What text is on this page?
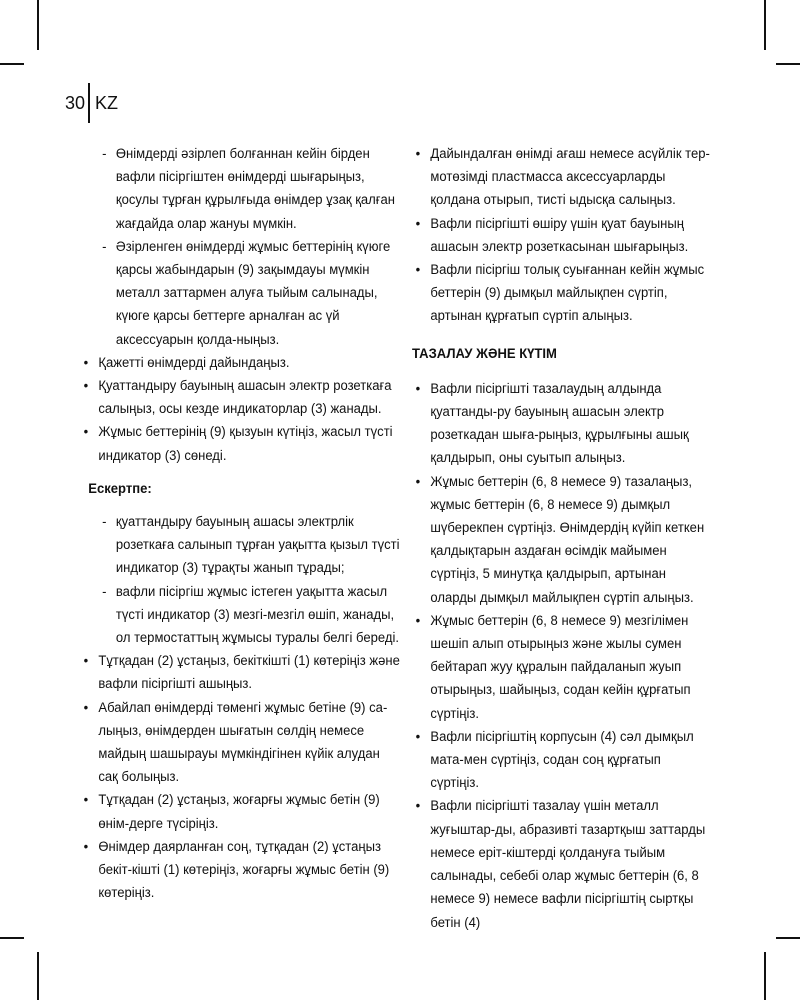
30 KZ
- Өнімдерді әзірлеп болғаннан кейін бірден вафли пісіргіштен өнімдерді шығарыңыз, қосулы тұрған құрылғыда өнімдер ұзақ қалған жағдайда олар жануы мүмкін.
- Әзірленген өнімдерді жұмыс беттерінің күюге қарсы жабындарын (9) зақымдауы мүмкін металл заттармен алуға тыйым салынады, күюге қарсы беттерге арналған ас үй аксессуарын қолда-ныңыз.
• Қажетті өнімдерді дайындаңыз.
• Қуаттандыру бауының ашасын электр розеткаға салыңыз, осы кезде индикаторлар (3) жанады.
• Жұмыс беттерінің (9) қызуын күтіңіз, жасыл түсті индикатор (3) сөнеді.
Ескертпе:
- қуаттандыру бауының ашасы электрлік розеткаға салынып тұрған уақытта қызыл түсті индикатор (3) тұрақты жанып тұрады;
- вафли пісіргіш жұмыс істеген уақытта жасыл түсті индикатор (3) мезгі-мезгіл өшіп, жанады, ол термостаттың жұмысы туралы белгі береді.
• Тұтқадан (2) ұстаңыз, бекіткішті (1) көтеріңіз және вафли пісіргішті ашыңыз.
• Абайлап өнімдерді төменгі жұмыс бетіне (9) са-лыңыз, өнімдерден шығатын сөлдің немесе майдың шашырауы мүмкіндігінен күйік алудан сақ болыңыз.
• Тұтқадан (2) ұстаңыз, жоғарғы жұмыс бетін (9) өнім-дерге түсіріңіз.
• Өнімдер даярланған соң, тұтқадан (2) ұстаңыз бекіт-кішті (1) көтеріңіз, жоғарғы жұмыс бетін (9) көтеріңіз.
• Дайындалған өнімді ағаш немесе асүйлік тер-мотөзімді пластмасса аксессуарларды қолдана отырып, тисті ыдысқа салыңыз.
• Вафли пісіргішті өшіру үшін қуат бауының ашасын электр розеткасынан шығарыңыз.
• Вафли пісіргіш толық суығаннан кейін жұмыс беттерін (9) дымқыл майлықпен сүртіп, артынан құрғатып сүртіп алыңыз.
ТАЗАЛАУ ЖӘНЕ КҮТІМ
• Вафли пісіргішті тазалаудың алдында қуаттанды-ру бауының ашасын электр розеткадан шыға-рыңыз, құрылғыны ашық қалдырып, оны суытып алыңыз.
• Жұмыс беттерін (6, 8 немесе 9) тазалаңыз, жұмыс беттерін (6, 8 немесе 9) дымқыл шүберекпен сүртіңіз. Өнімдердің күйіп кеткен қалдықтарын аздаған өсімдік майымен сүртіңіз, 5 минутқа қалдырып, артынан оларды дымқыл майлықпен сүртіп алыңыз.
• Жұмыс беттерін (6, 8 немесе 9) мезгілімен шешіп алып отырыңыз және жылы сумен бейтарап жуу құралын пайдаланып жуып отырыңыз, шайыңыз, содан кейін құрғатып сүртіңіз.
• Вафли пісіргіштің корпусын (4) сәл дымқыл мата-мен сүртіңіз, содан соң құрғатып сүртіңіз.
• Вафли пісіргішті тазалау үшін металл жуғыштар-ды, абразивті тазартқыш заттарды немесе еріт-кіштерді қолдануға тыйым салынады, себебі олар жұмыс беттерін (6, 8 немесе 9) немесе вафли пісіргіштің сыртқы бетін (4)
